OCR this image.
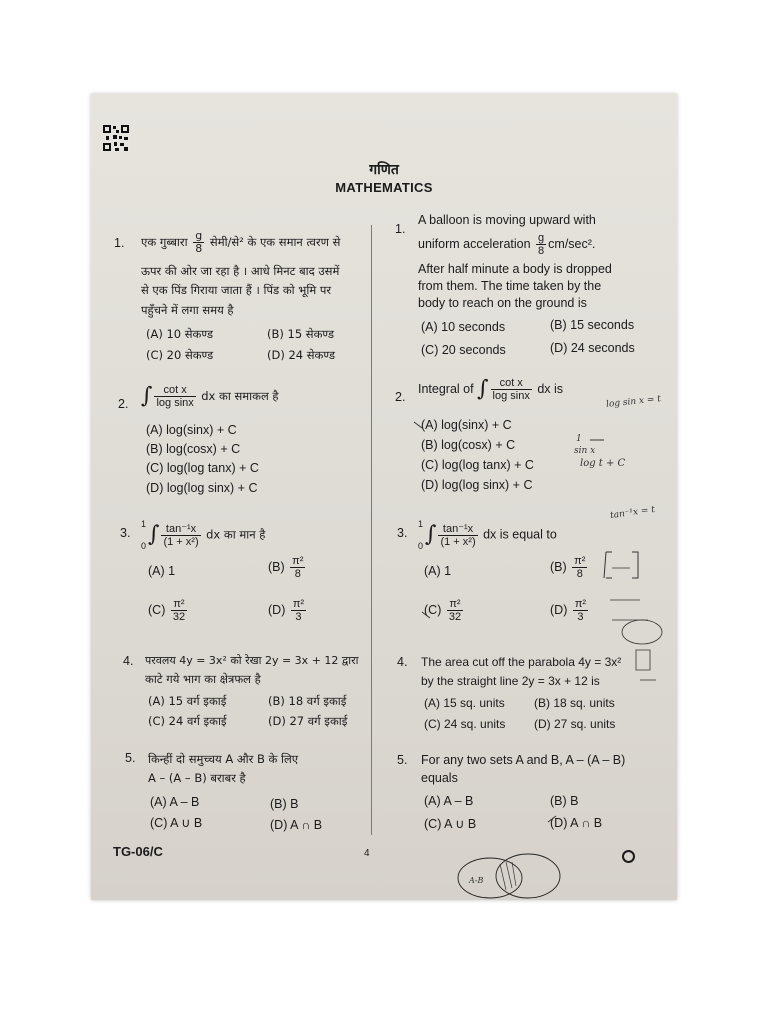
गणित
MATHEMATICS
1. एक गुब्बारा $\frac{g}{8}$ सेमी/से² के एक समान त्वरण से
ऊपर की ओर जा रहा है । आधे मिनट बाद उसमें
से एक पिंड गिराया जाता हैं । पिंड को भूमि पर
पहुँचने में लगा समय है
(A) 10 सेकण्ड	(B) 15 सेकण्ड
(C) 20 सेकण्ड	(D) 24 सेकण्ड
2. ∫ $\frac{\text{cot x}}{\text{log sinx}}$ dx का समाकल है
(A) log(sinx) + C
(B) log(cosx) + C
(C) log(log tanx) + C
(D) log(log sinx) + C
3.
1
0 ∫ $\frac{\text{tan⁻¹x}}{\text{(1 + x²)}}$ dx का मान है
(A) 1	$(B) \frac{\text{π²}}{8}$
$(C) \frac{\text{π²}}{32}$	$(D) \frac{\text{π²}}{3}$
4. परवलय 4y = 3x² को रेखा 2y = 3x + 12 द्वारा
काटे गये भाग का क्षेत्रफल है
(A) 15 वर्ग इकाई	(B) 18 वर्ग इकाई
(C) 24 वर्ग इकाई	(D) 27 वर्ग इकाई
5. किन्हीं दो समुच्चय A और B के लिए
A – (A – B) बराबर है
(A) A – B	(B) B
(C) A ∪ B	(D) A ∩ B
1.
A balloon is moving upward with
uniform acceleration $\frac{g}{8} cm/\sec^2$.
After half minute a body is dropped
from them. The time taken by the
body to reach on the ground is
(A) 10 seconds	(B) 15 seconds
(C) 20 seconds	(D) 24 seconds
2.
Integral of ∫ $\frac{\text{cot x}}{\text{log sinx}}$ dx is
(A) log(sinx) + C
(B) log(cosx) + C
(C) log(log tanx) + C
(D) log(log sinx) + C
3.
1
0 ∫ $\frac{\text{tan⁻¹x}}{\text{(1 + x²)}}$ dx is equal to
(A) 1	$(B) \frac{\text{π²}}{8}$
$(C) \frac{\text{π²}}{32}$	$(D) \frac{\text{π²}}{3}$
4. The area cut off the parabola 4y = 3x²
by the straight line 2y = 3x + 12 is
(A) 15 sq. units (B) 18 sq. units
(C) 24 sq. units (D) 27 sq. units
5. For any two sets A and B, A – (A – B)
equals
(A) A – B	(B) B
(C) A ∪ B	(D) A ∩ B
TG-06/C	4
log sin x = t
1
sin x
log t + C
tan⁻¹x = t
A-B
